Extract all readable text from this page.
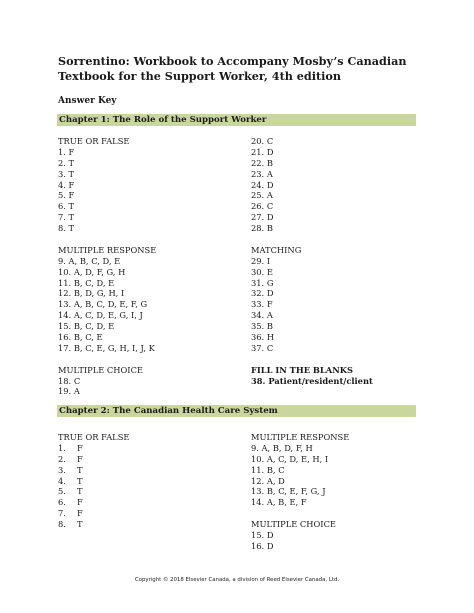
Sorrentino: Workbook to Accompany Mosby’s Canadian Textbook for the Support Worker, 4th edition
Answer Key
Chapter 1: The Role of the Support Worker
TRUE OR FALSE
1. F
2. T
3. T
4. F
5. F
6. T
7. T
8. T
MULTIPLE RESPONSE
9. A, B, C, D, E
10. A, D, F, G, H
11. B, C, D, E
12. B, D, G, H, I
13. A, B, C, D, E, F, G
14. A, C, D, E, G, I, J
15. B, C, D, E
16. B, C, E
17. B, C, E, G, H, I, J, K
MULTIPLE CHOICE
18. C
19. A
20. C
21. D
22. B
23. A
24. D
25. A
26. C
27. D
28. B
MATCHING
29. I
30. E
31. G
32. D
33. F
34. A
35. B
36. H
37. C
FILL IN THE BLANKS
38. Patient/resident/client
Chapter 2: The Canadian Health Care System
TRUE OR FALSE
1. F
2. F
3. T
4. T
5. T
6. F
7. F
8. T
MULTIPLE RESPONSE
9. A, B, D, F, H
10. A, C, D, E, H, I
11. B, C
12. A, D
13. B, C, E, F, G, J
14. A, B, E, F
MULTIPLE CHOICE
15. D
16. D
Copyright © 2018 Elsevier Canada, a division of Reed Elsevier Canada, Ltd.
